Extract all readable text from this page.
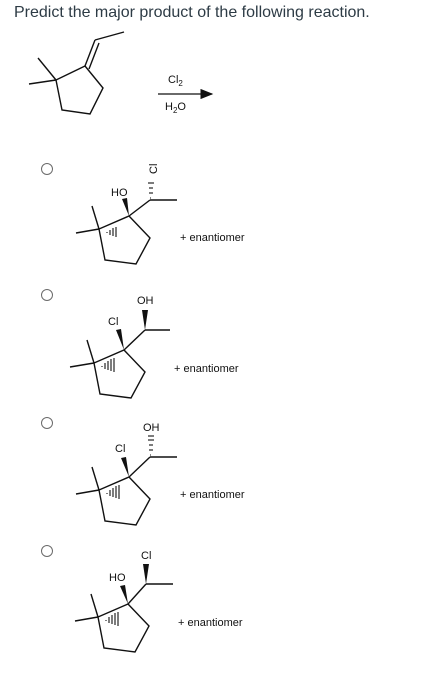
Predict the major product of the following reaction.
$Cl_2$
$H_2O$
Cl
HO
+ enantiomer
OH
Cl
+ enantiomer
OH
Cl
+ enantiomer
Cl
HO
+ enantiomer
